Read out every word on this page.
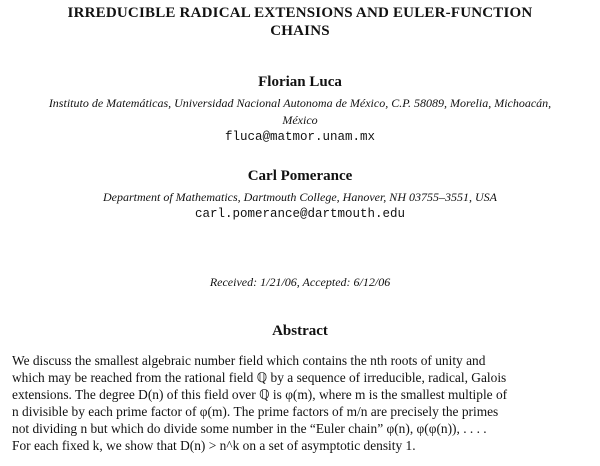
IRREDUCIBLE RADICAL EXTENSIONS AND EULER-FUNCTION
CHAINS
Florian Luca
Instituto de Matemáticas, Universidad Nacional Autonoma de México, C.P. 58089, Morelia, Michoacán,
México
fluca@matmor.unam.mx
Carl Pomerance
Department of Mathematics, Dartmouth College, Hanover, NH 03755–3551, USA
carl.pomerance@dartmouth.edu
Received: 1/21/06, Accepted: 6/12/06
Abstract
We discuss the smallest algebraic number field which contains the nth roots of unity and
which may be reached from the rational field ℚ by a sequence of irreducible, radical, Galois
extensions. The degree D(n) of this field over ℚ is φ(m), where m is the smallest multiple of
n divisible by each prime factor of φ(m). The prime factors of m/n are precisely the primes
not dividing n but which do divide some number in the “Euler chain” φ(n), φ(φ(n)), . . . .
For each fixed k, we show that D(n) > n^k on a set of asymptotic density 1.
